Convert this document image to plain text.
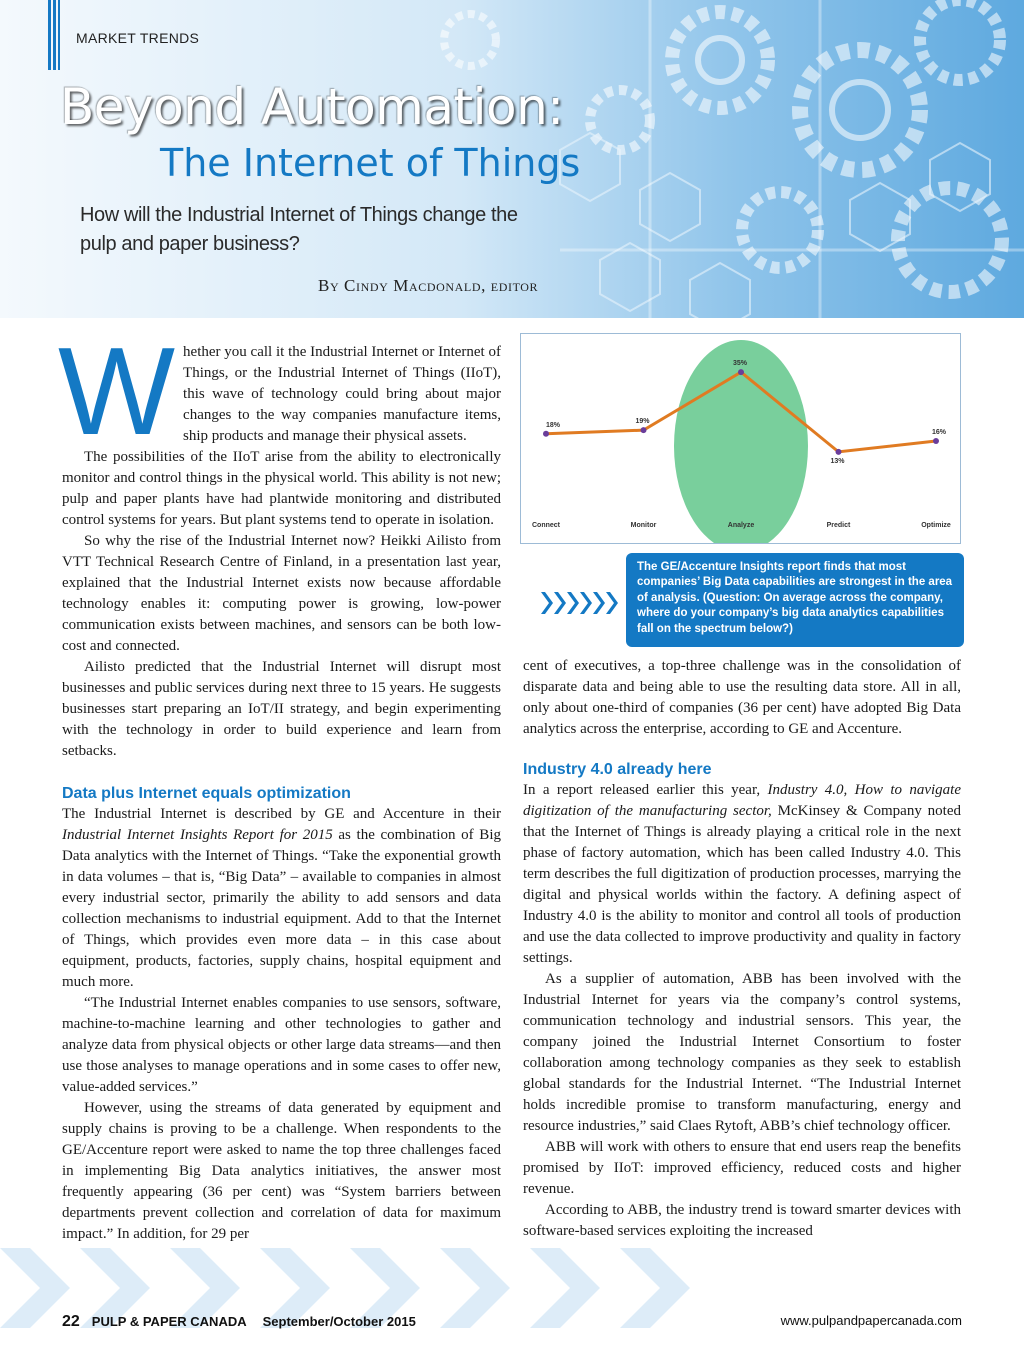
MARKET TRENDS
Beyond Automation:
The Internet of Things
How will the Industrial Internet of Things change the pulp and paper business?
By Cindy Macdonald, editor

Whether you call it the Industrial Internet or Internet of Things, or the Industrial Internet of Things (IIoT), this wave of technology could bring about major changes to the way companies manufacture items, ship products and manage their physical assets.

The possibilities of the IIoT arise from the ability to electronically monitor and control things in the physical world. This ability is not new; pulp and paper plants have had plantwide monitoring and distributed control systems for years. But plant systems tend to operate in isolation.

So why the rise of the Industrial Internet now? Heikki Ailisto from VTT Technical Research Centre of Finland, in a presentation last year, explained that the Industrial Internet exists now because affordable technology enables it: computing power is growing, low-power communication exists between machines, and sensors can be both low-cost and connected.

Ailisto predicted that the Industrial Internet will disrupt most businesses and public services during next three to 15 years. He suggests businesses start preparing an IoT/II strategy, and begin experimenting with the technology in order to build experience and learn from setbacks.

Data plus Internet equals optimization

The Industrial Internet is described by GE and Accenture in their Industrial Internet Insights Report for 2015 as the combination of Big Data analytics with the Internet of Things. “Take the exponential growth in data volumes – that is, “Big Data” – available to companies in almost every industrial sector, primarily the ability to add sensors and data collection mechanisms to industrial equipment. Add to that the Internet of Things, which provides even more data – in this case about equipment, products, factories, supply chains, hospital equipment and much more.

“The Industrial Internet enables companies to use sensors, software, machine-to-machine learning and other technologies to gather and analyze data from physical objects or other large data streams—and then use those analyses to manage operations and in some cases to offer new, value-added services.”

However, using the streams of data generated by equipment and supply chains is proving to be a challenge. When respondents to the GE/Accenture report were asked to name the top three challenges faced in implementing Big Data analytics initiatives, the answer most frequently appearing (36 per cent) was “System barriers between departments prevent collection and correlation of data for maximum impact.” In addition, for 29 per

18%
Connect
19%
Monitor
35%
Analyze
13%
Predict
16%
Optimize
The GE/Accenture Insights report finds that most companies’ Big Data capabilities are strongest in the area of analysis. (Question: On average across the company, where do your company’s big data analytics capabilities fall on the spectrum below?)

cent of executives, a top-three challenge was in the consolidation of disparate data and being able to use the resulting data store. All in all, only about one-third of companies (36 per cent) have adopted Big Data analytics across the enterprise, according to GE and Accenture.

Industry 4.0 already here

In a report released earlier this year, Industry 4.0, How to navigate digitization of the manufacturing sector, McKinsey & Company noted that the Internet of Things is already playing a critical role in the next phase of factory automation, which has been called Industry 4.0. This term describes the full digitization of production processes, marrying the digital and physical worlds within the factory. A defining aspect of Industry 4.0 is the ability to monitor and control all tools of production and use the data collected to improve productivity and quality in factory settings.

As a supplier of automation, ABB has been involved with the Industrial Internet for years via the company’s control systems, communication technology and industrial sensors. This year, the company joined the Industrial Internet Consortium to foster collaboration among technology companies as they seek to establish global standards for the Industrial Internet. “The Industrial Internet holds incredible promise to transform manufacturing, energy and resource industries,” said Claes Rytoft, ABB’s chief technology officer.

ABB will work with others to ensure that end users reap the benefits promised by IIoT: improved efficiency, reduced costs and higher revenue.

According to ABB, the industry trend is toward smarter devices with software-based services exploiting the increased

22 PULP & PAPER CANADA September/October 2015	www.pulpandpapercanada.com
